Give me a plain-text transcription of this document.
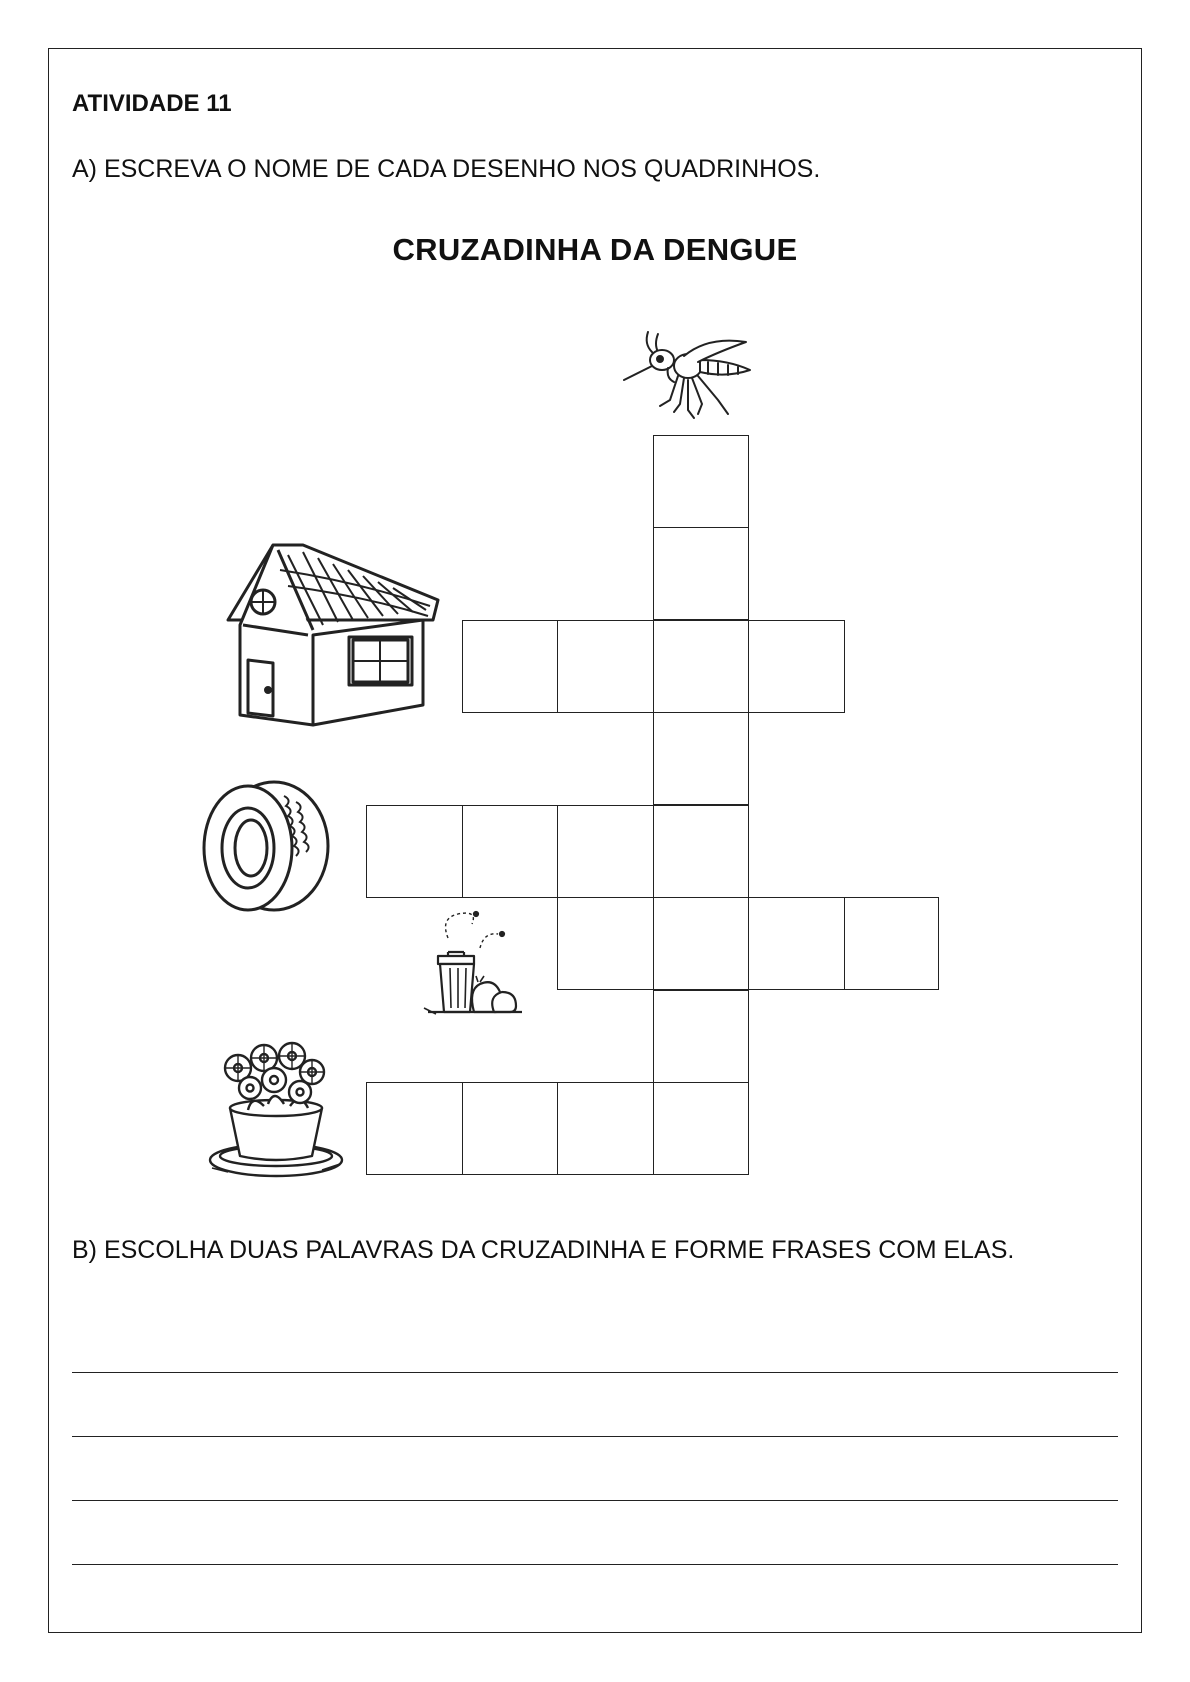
ATIVIDADE 11
A) ESCREVA O NOME DE CADA DESENHO NOS QUADRINHOS.
CRUZADINHA DA DENGUE
B) ESCOLHA DUAS PALAVRAS DA CRUZADINHA E FORME FRASES COM ELAS.
